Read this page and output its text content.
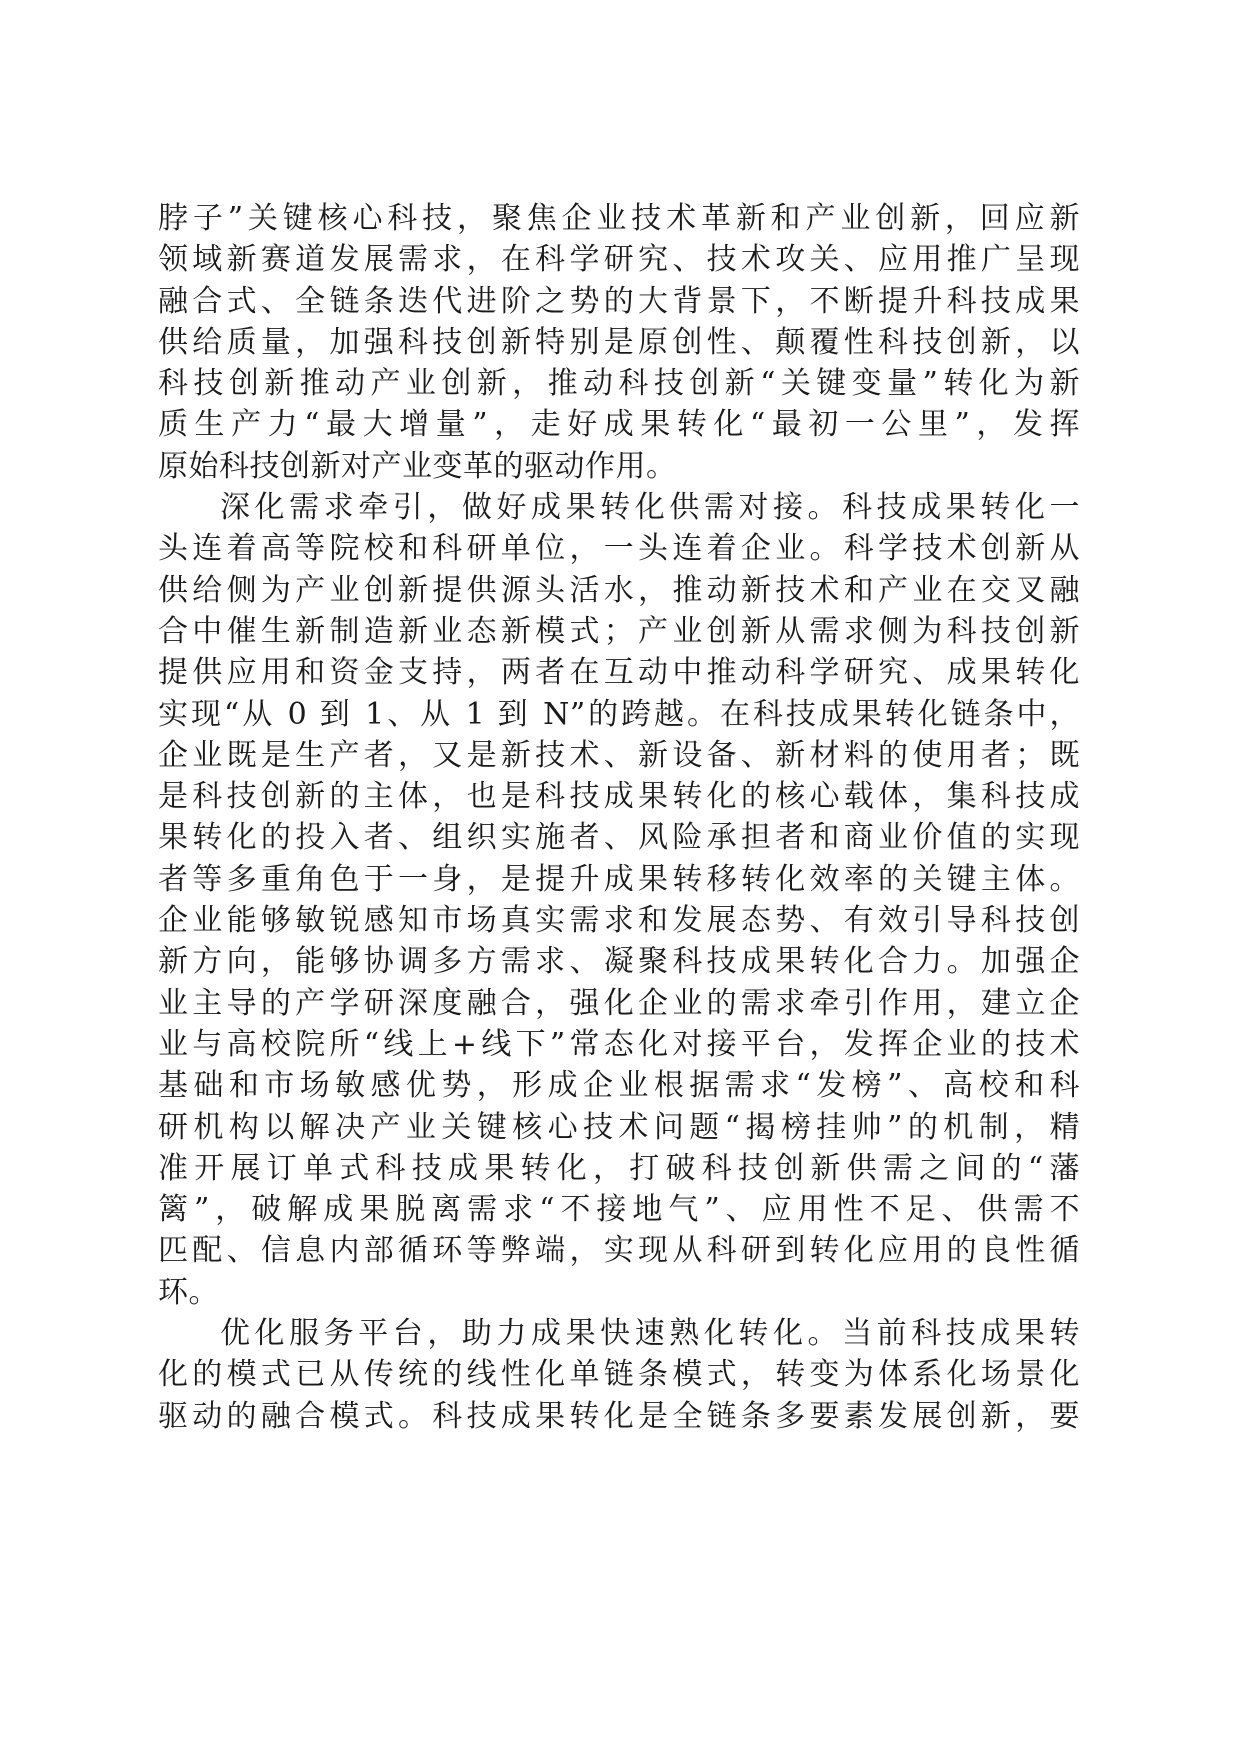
脖子”关键核心科技，聚焦企业技术革新和产业创新，回应新
领域新赛道发展需求，在科学研究、技术攻关、应用推广呈现
融合式、全链条迭代进阶之势的大背景下，不断提升科技成果
供给质量，加强科技创新特别是原创性、颠覆性科技创新，以
科技创新推动产业创新，推动科技创新“关键变量”转化为新
质生产力“最大增量”，走好成果转化“最初一公里”，发挥
原始科技创新对产业变革的驱动作用。
深化需求牵引，做好成果转化供需对接。科技成果转化一
头连着高等院校和科研单位，一头连着企业。科学技术创新从
供给侧为产业创新提供源头活水，推动新技术和产业在交叉融
合中催生新制造新业态新模式；产业创新从需求侧为科技创新
提供应用和资金支持，两者在互动中推动科学研究、成果转化
实现“从 0 到 1、从 1 到 N”的跨越。在科技成果转化链条中，
企业既是生产者，又是新技术、新设备、新材料的使用者；既
是科技创新的主体，也是科技成果转化的核心载体，集科技成
果转化的投入者、组织实施者、风险承担者和商业价值的实现
者等多重角色于一身，是提升成果转移转化效率的关键主体。
企业能够敏锐感知市场真实需求和发展态势、有效引导科技创
新方向，能够协调多方需求、凝聚科技成果转化合力。加强企
业主导的产学研深度融合，强化企业的需求牵引作用，建立企
业与高校院所“线上+线下”常态化对接平台，发挥企业的技术
基础和市场敏感优势，形成企业根据需求“发榜”、高校和科
研机构以解决产业关键核心技术问题“揭榜挂帅”的机制，精
准开展订单式科技成果转化，打破科技创新供需之间的“藩
篱”，破解成果脱离需求“不接地气”、应用性不足、供需不
匹配、信息内部循环等弊端，实现从科研到转化应用的良性循
环。
优化服务平台，助力成果快速熟化转化。当前科技成果转
化的模式已从传统的线性化单链条模式，转变为体系化场景化
驱动的融合模式。科技成果转化是全链条多要素发展创新，要
